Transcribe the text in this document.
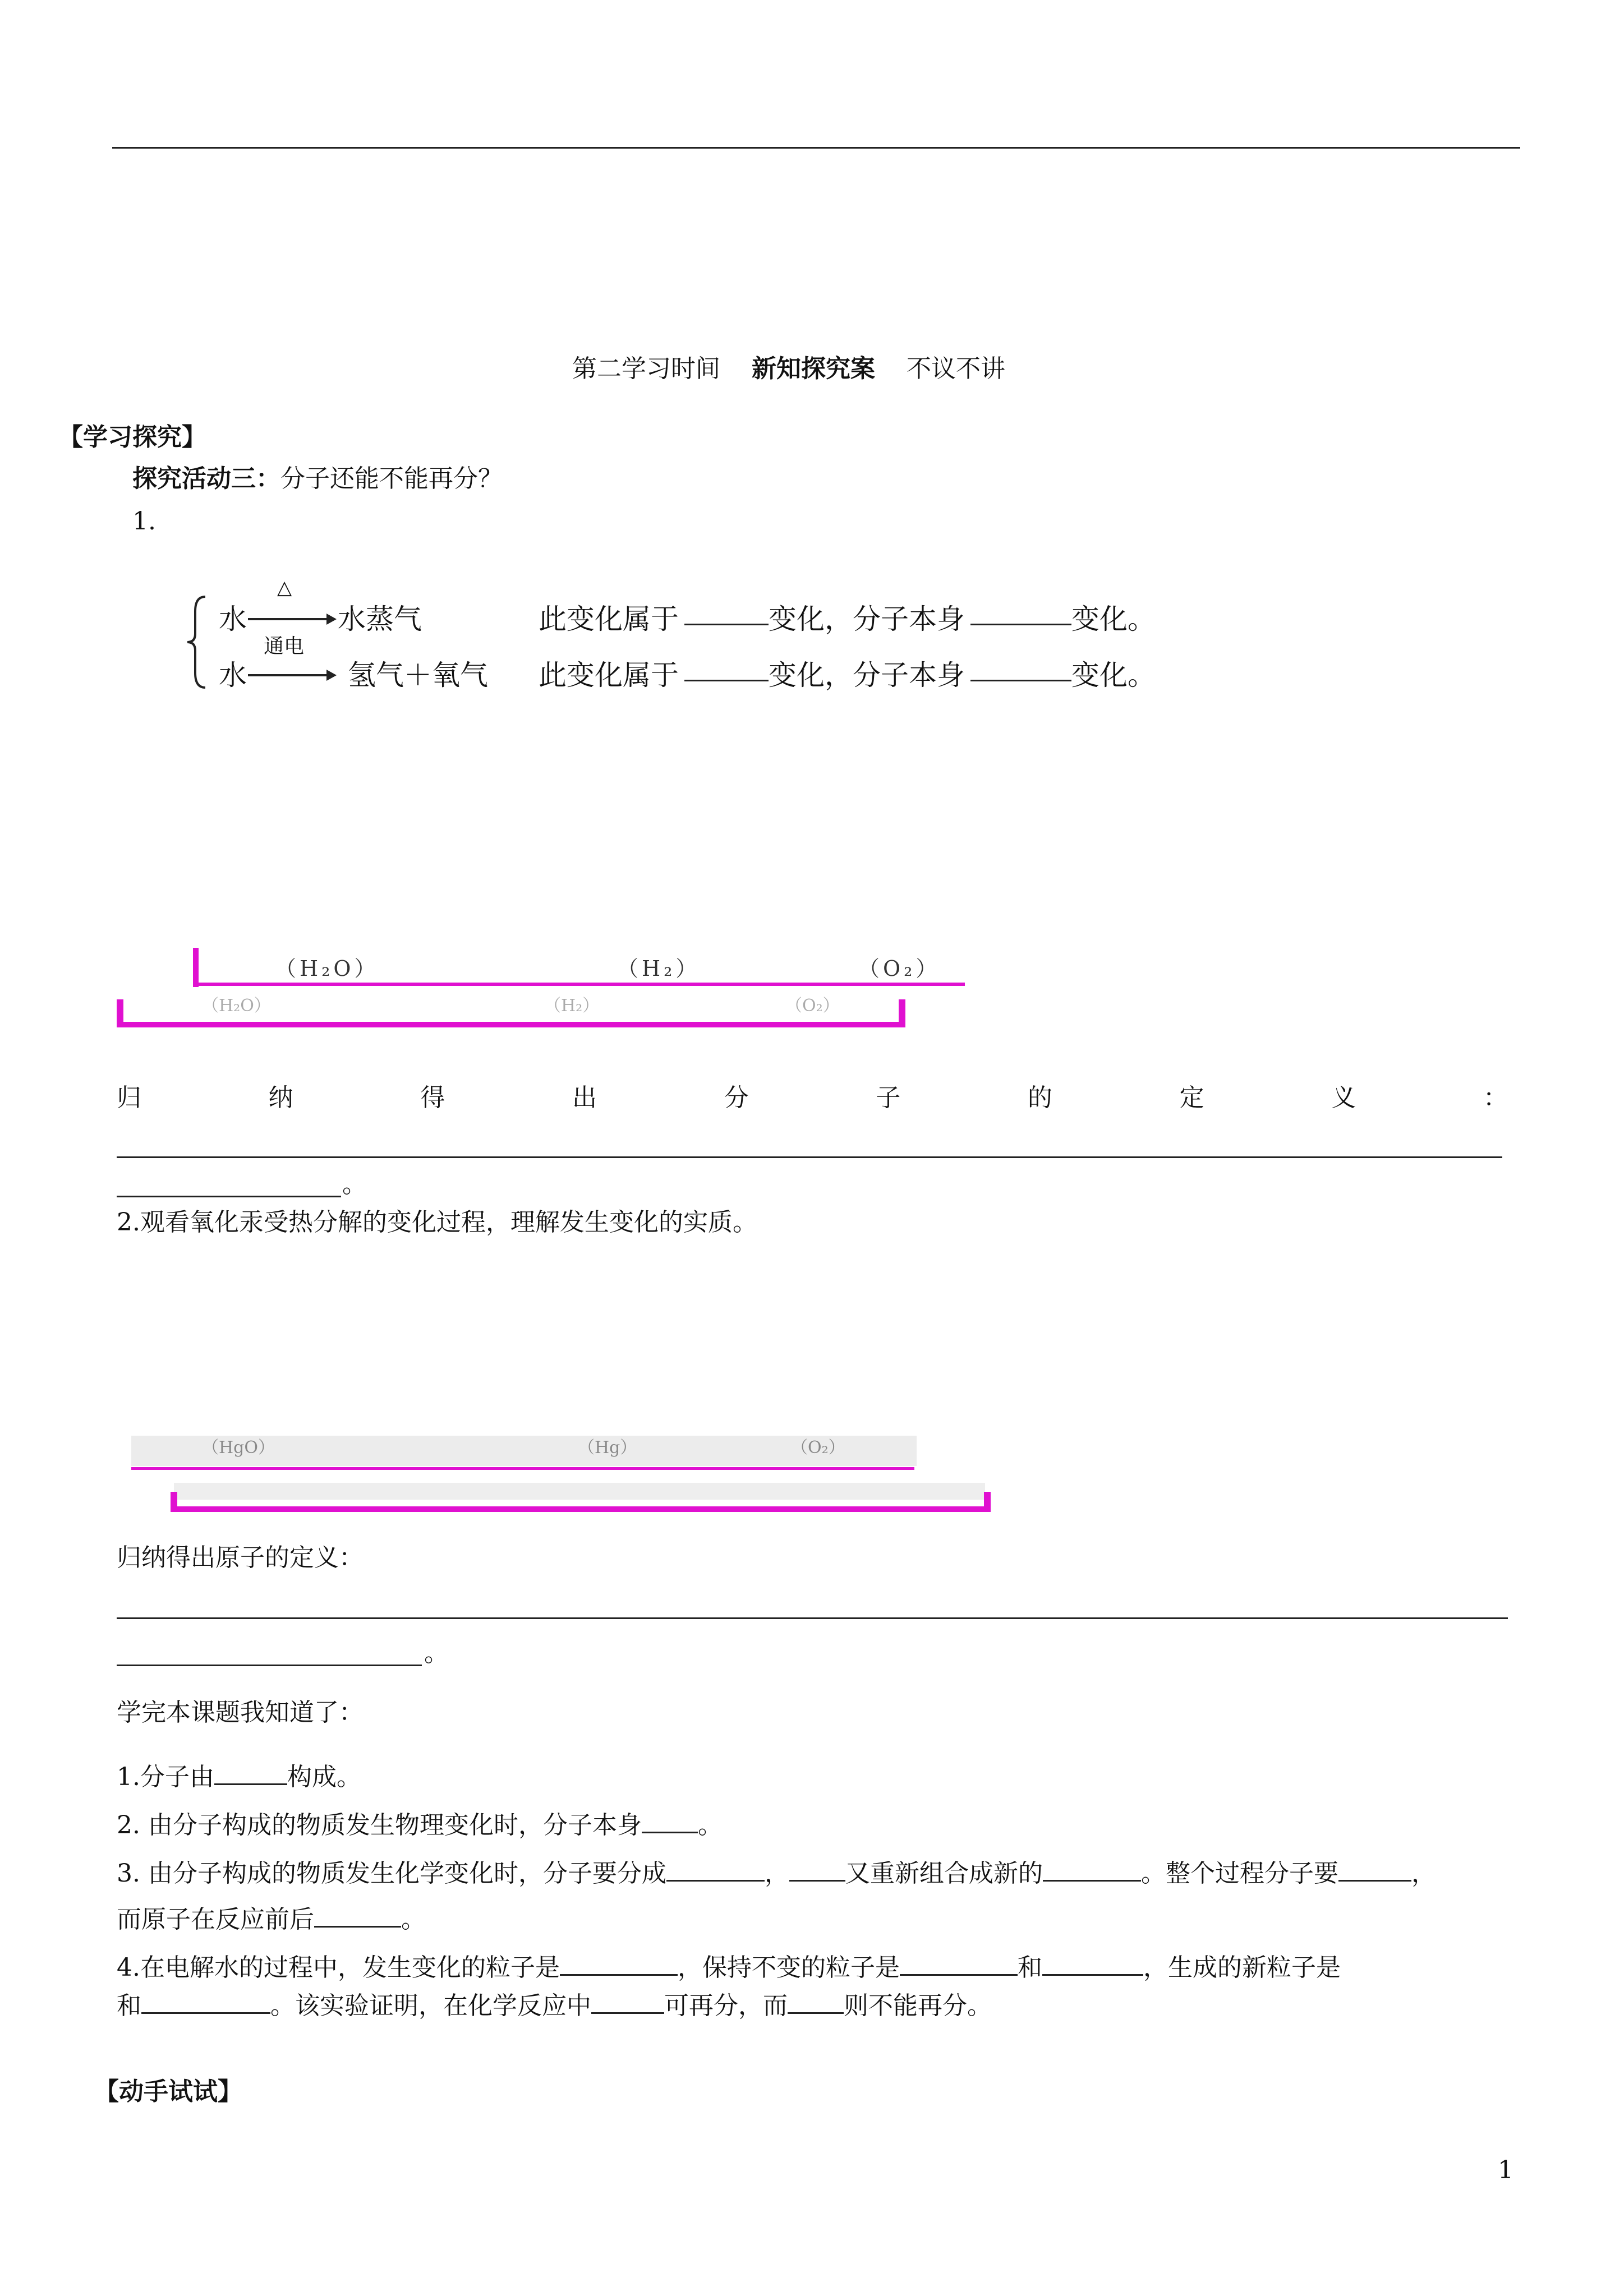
第二学习时间 新知探究案 不议不讲
【学习探究】
探究活动三：分子还能不能再分？
1.
水
△
水蒸气	此变化属于	变化，分子本身	变化。
水
通电
氢气＋氧气 此变化属于	变化，分子本身	变化。
（H₂O）	（H₂）	（O₂）
（H₂O）	（H₂）	（O₂）
归	纳	得	出	分	子	的	定	义	：
。
2.观看氧化汞受热分解的变化过程，理解发生变化的实质。
（HgO）	（Hg）	（O₂）
归纳得出原子的定义：
。
学完本课题我知道了：
1.分子由	构成。
2. 由分子构成的物质发生物理变化时，分子本身 。
3. 由分子构成的物质发生化学变化时，分子要分成	， 又重新组合成新的	。整个过程分子要	，
而原子在反应前后	。
4.在电解水的过程中，发生变化的粒子是	，保持不变的粒子是	和	，生成的新粒子是
和	。该实验证明，在化学反应中	可再分，而 则不能再分。
【动手试试】
1
